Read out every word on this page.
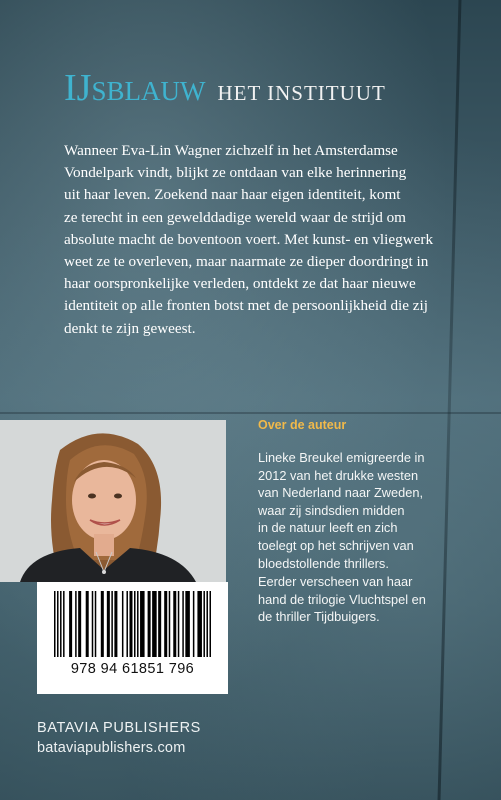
IJsblauw HET INSTITUUT

Wanneer Eva-Lin Wagner zichzelf in het Amsterdamse
Vondelpark vindt, blijkt ze ontdaan van elke herinnering
uit haar leven. Zoekend naar haar eigen identiteit, komt
ze terecht in een gewelddadige wereld waar de strijd om
absolute macht de boventoon voert. Met kunst- en vliegwerk
weet ze te overleven, maar naarmate ze dieper doordringt in
haar oorspronkelijke verleden, ontdekt ze dat haar nieuwe
identiteit op alle fronten botst met de persoonlijkheid die zij
denkt te zijn geweest.

Over de auteur

Lineke Breukel emigreerde in
2012 van het drukke westen
van Nederland naar Zweden,
waar zij sindsdien midden
in de natuur leeft en zich
toelegt op het schrijven van
bloedstollende thrillers.

Eerder verscheen van haar
hand de trilogie Vluchtspel en
de thriller Tijdbuigers.

978 94 61851 796
BATAVIA PUBLISHERS
bataviapublishers.com
